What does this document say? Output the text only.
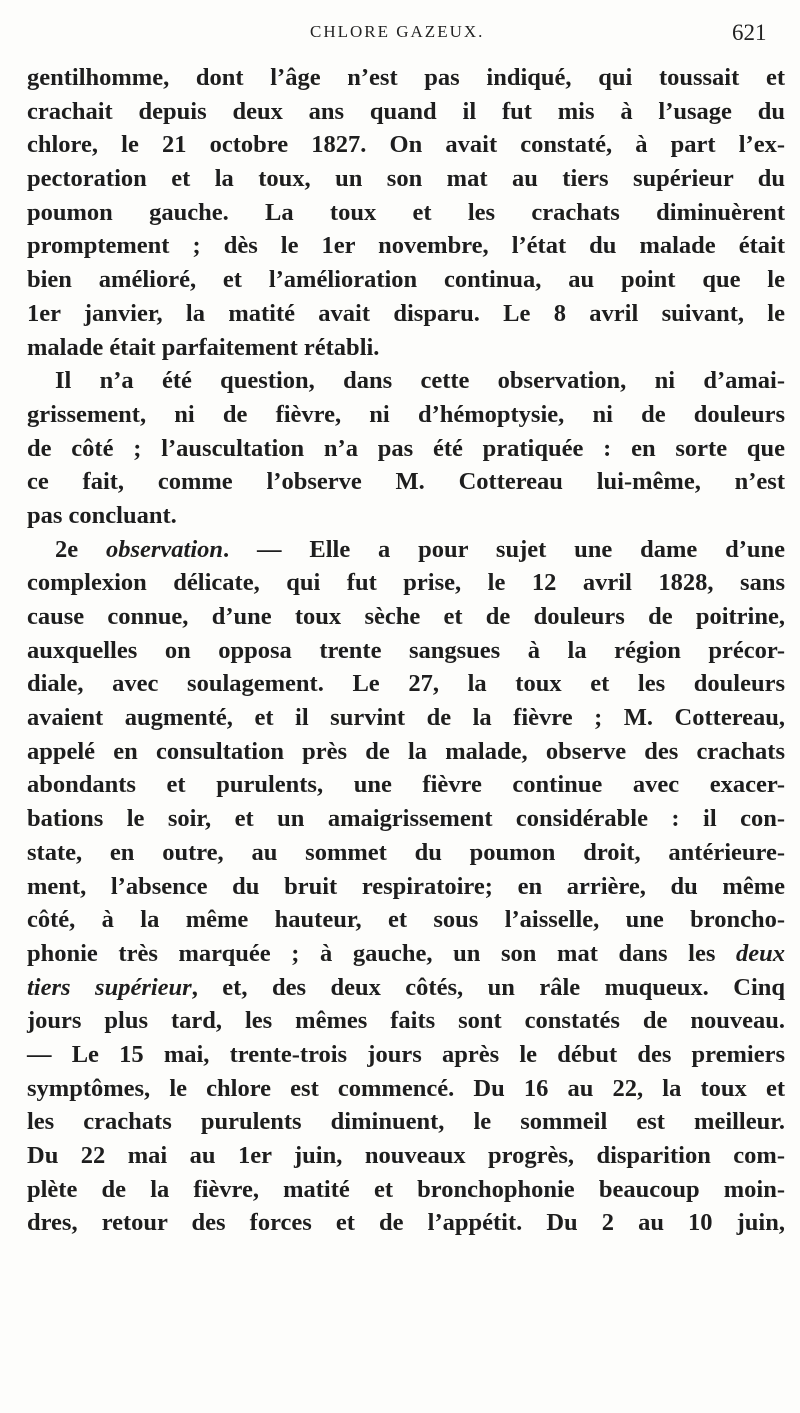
CHLORE GAZEUX.	621
gentilhomme, dont l’âge n’est pas indiqué, qui toussait et
crachait depuis deux ans quand il fut mis à l’usage du
chlore, le 21 octobre 1827. On avait constaté, à part l’ex-
pectoration et la toux, un son mat au tiers supérieur du
poumon gauche. La toux et les crachats diminuèrent
promptement ; dès le 1er novembre, l’état du malade était
bien amélioré, et l’amélioration continua, au point que le
1er janvier, la matité avait disparu. Le 8 avril suivant, le
malade était parfaitement rétabli.
Il n’a été question, dans cette observation, ni d’amai-
grissement, ni de fièvre, ni d’hémoptysie, ni de douleurs
de côté ; l’auscultation n’a pas été pratiquée : en sorte que
ce fait, comme l’observe M. Cottereau lui-même, n’est
pas concluant.
2e observation. — Elle a pour sujet une dame d’une
complexion délicate, qui fut prise, le 12 avril 1828, sans
cause connue, d’une toux sèche et de douleurs de poitrine,
auxquelles on opposa trente sangsues à la région précor-
diale, avec soulagement. Le 27, la toux et les douleurs
avaient augmenté, et il survint de la fièvre ; M. Cottereau,
appelé en consultation près de la malade, observe des crachats
abondants et purulents, une fièvre continue avec exacer-
bations le soir, et un amaigrissement considérable : il con-
state, en outre, au sommet du poumon droit, antérieure-
ment, l’absence du bruit respiratoire; en arrière, du même
côté, à la même hauteur, et sous l’aisselle, une broncho-
phonie très marquée ; à gauche, un son mat dans les deux
tiers supérieur, et, des deux côtés, un râle muqueux. Cinq
jours plus tard, les mêmes faits sont constatés de nouveau.
— Le 15 mai, trente-trois jours après le début des premiers
symptômes, le chlore est commencé. Du 16 au 22, la toux et
les crachats purulents diminuent, le sommeil est meilleur.
Du 22 mai au 1er juin, nouveaux progrès, disparition com-
plète de la fièvre, matité et bronchophonie beaucoup moin-
dres, retour des forces et de l’appétit. Du 2 au 10 juin,
